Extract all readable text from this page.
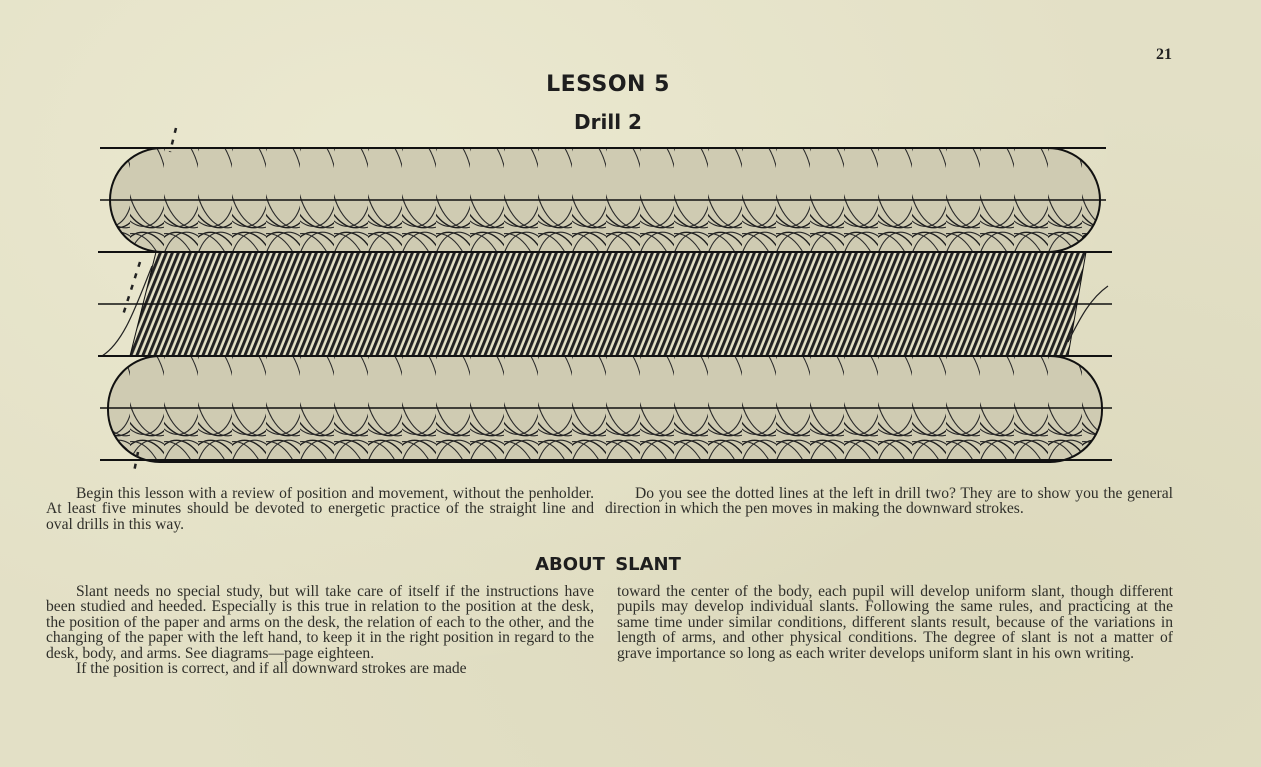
21
LESSON 5
Drill 2

Begin this lesson with a review of position and movement, without the penholder. At least five minutes should be devoted to energetic practice of the straight line and oval drills in this way.

Do you see the dotted lines at the left in drill two? They are to show you the general direction in which the pen moves in making the downward strokes.

ABOUT SLANT

Slant needs no special study, but will take care of itself if the instructions have been studied and heeded. Especially is this true in relation to the position at the desk, the position of the paper and arms on the desk, the relation of each to the other, and the changing of the paper with the left hand, to keep it in the right position in regard to the desk, body, and arms. See diagrams—page eighteen.

If the position is correct, and if all downward strokes are made

toward the center of the body, each pupil will develop uniform slant, though different pupils may develop individual slants. Following the same rules, and practicing at the same time under similar conditions, different slants result, because of the variations in length of arms, and other physical conditions. The degree of slant is not a matter of grave importance so long as each writer develops uniform slant in his own writing.
